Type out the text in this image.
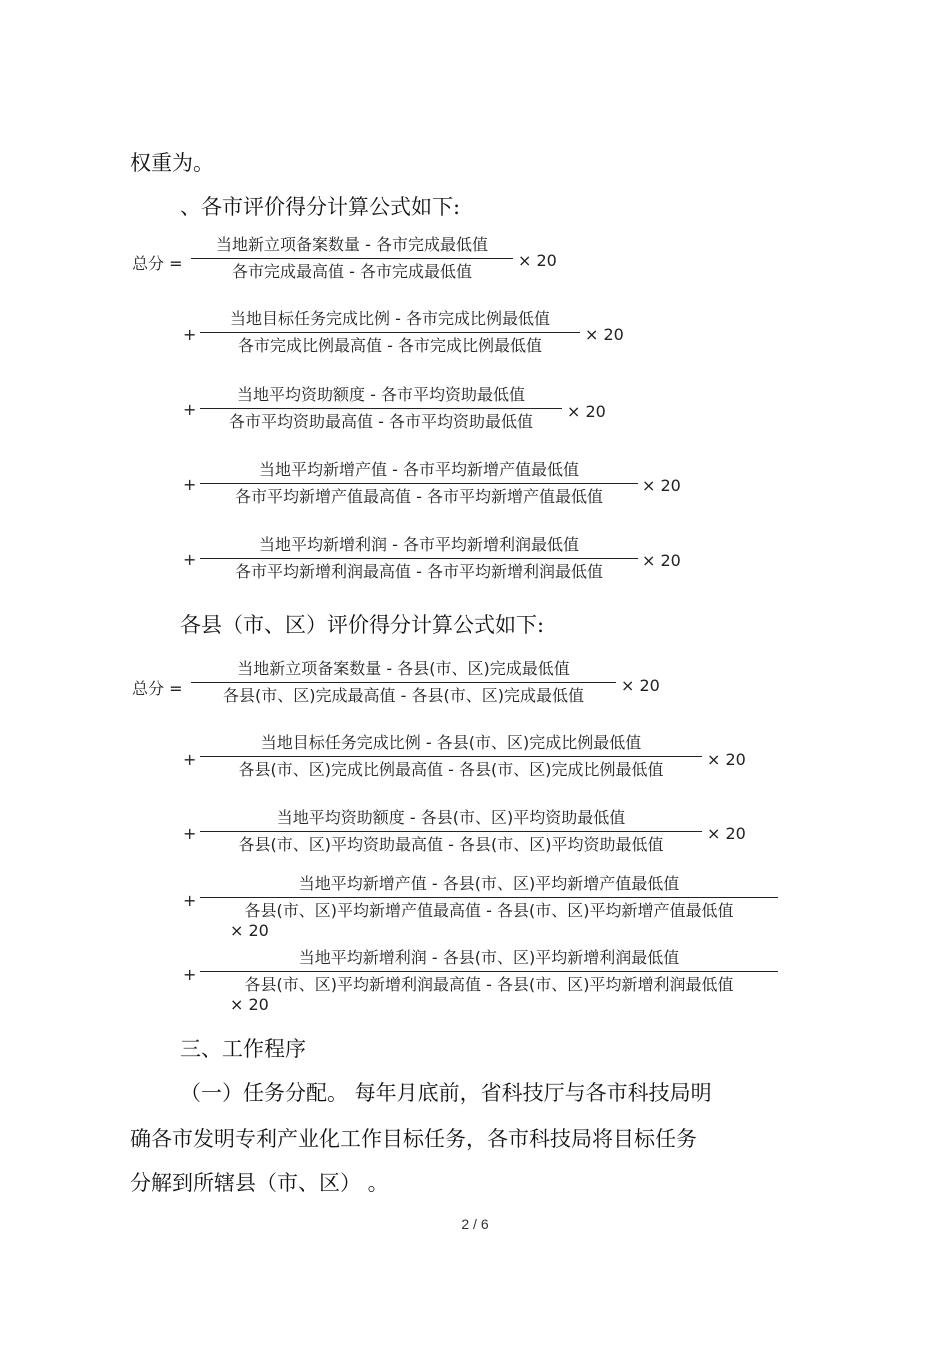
权重为。
、各市评价得分计算公式如下:
总分 =
当地新立项备案数量 - 各市完成最低值
各市完成最高值 - 各市完成最低值
× 20
+
当地目标任务完成比例 - 各市完成比例最低值
各市完成比例最高值 - 各市完成比例最低值
× 20
+
当地平均资助额度 - 各市平均资助最低值
各市平均资助最高值 - 各市平均资助最低值
× 20
+
当地平均新增产值 - 各市平均新增产值最低值
各市平均新增产值最高值 - 各市平均新增产值最低值
× 20
+
当地平均新增利润 - 各市平均新增利润最低值
各市平均新增利润最高值 - 各市平均新增利润最低值
× 20
各县（市、区）评价得分计算公式如下:
总分 =
当地新立项备案数量 - 各县(市、区)完成最低值
各县(市、区)完成最高值 - 各县(市、区)完成最低值
× 20
+
当地目标任务完成比例 - 各县(市、区)完成比例最低值
各县(市、区)完成比例最高值 - 各县(市、区)完成比例最低值
× 20
+
当地平均资助额度 - 各县(市、区)平均资助最低值
各县(市、区)平均资助最高值 - 各县(市、区)平均资助最低值
× 20
+
当地平均新增产值 - 各县(市、区)平均新增产值最低值
各县(市、区)平均新增产值最高值 - 各县(市、区)平均新增产值最低值
× 20
+
当地平均新增利润 - 各县(市、区)平均新增利润最低值
各县(市、区)平均新增利润最高值 - 各县(市、区)平均新增利润最低值
× 20
三、工作程序
（一）任务分配。 每年月底前，省科技厅与各市科技局明
确各市发明专利产业化工作目标任务，各市科技局将目标任务
分解到所辖县（市、区） 。
2 / 6
